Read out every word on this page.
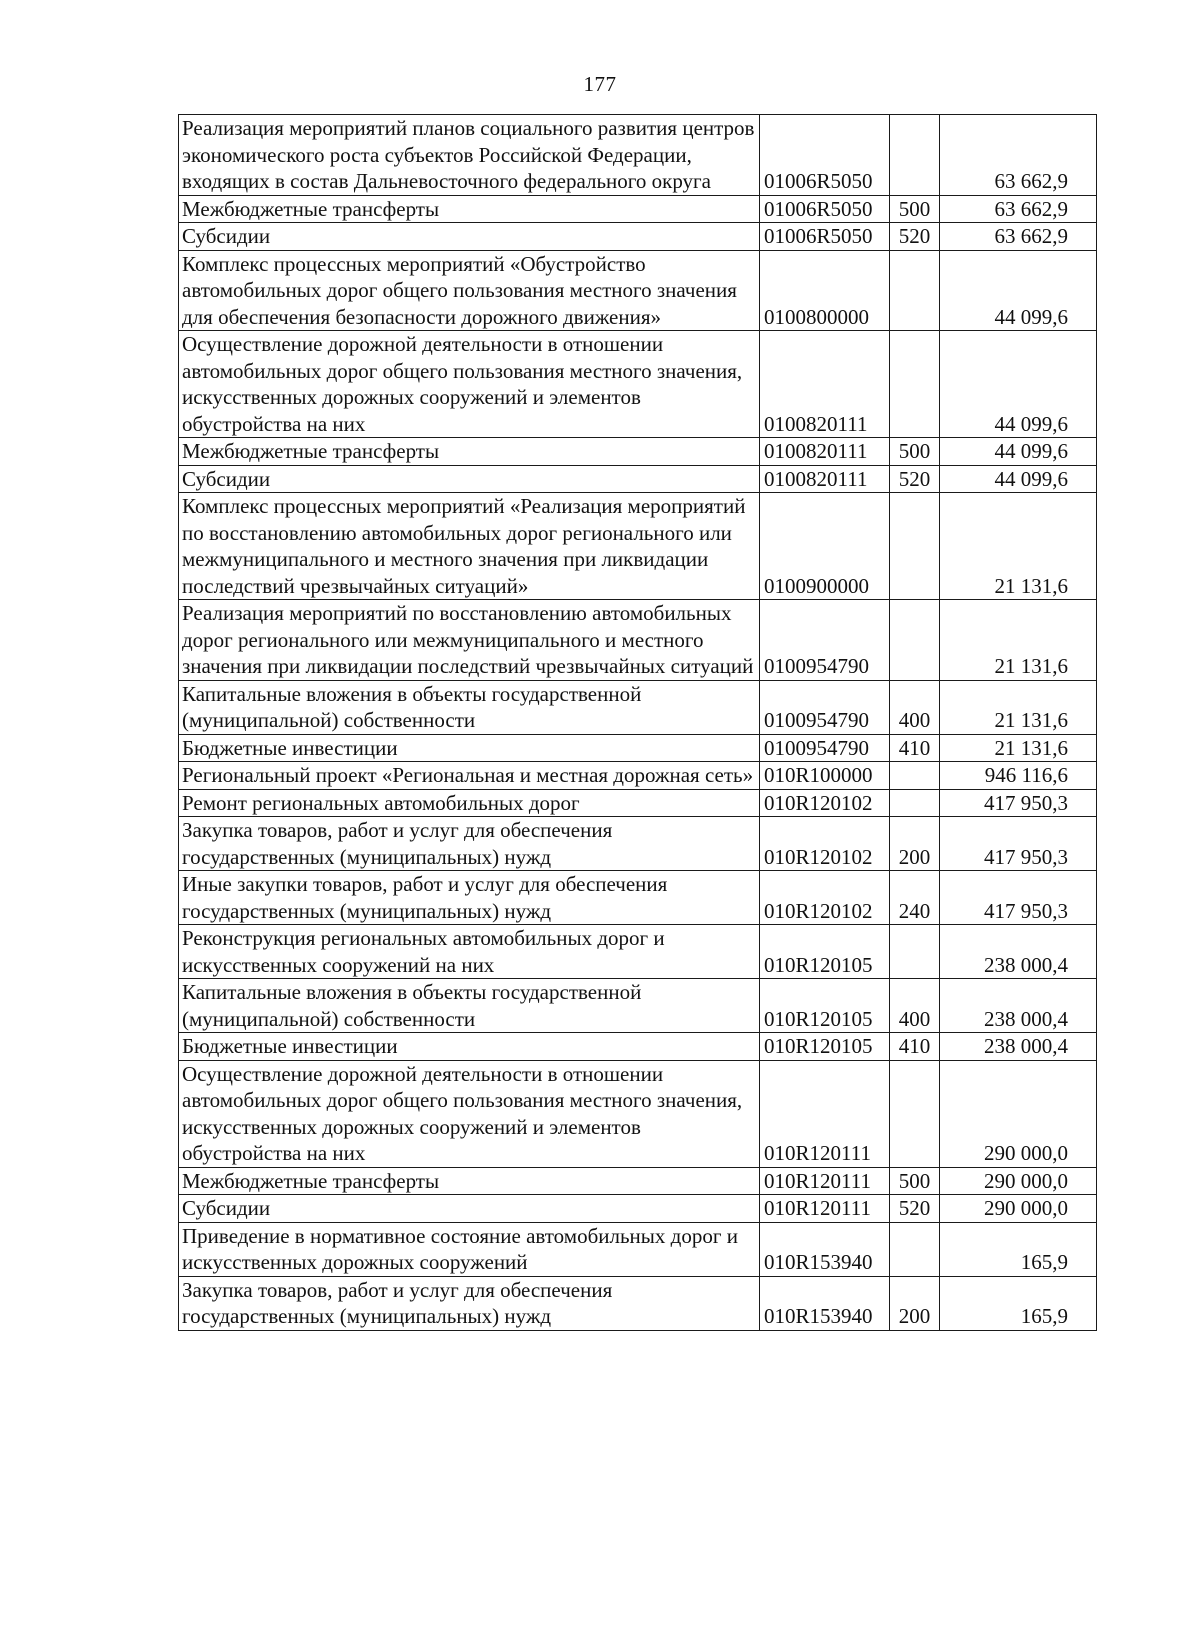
177
Реализация мероприятий планов социального развития центров экономического роста субъектов Российской Федерации, входящих в состав Дальневосточного федерального округа	01006R5050		63 662,9
Межбюджетные трансферты	01006R5050	500	63 662,9
Субсидии	01006R5050	520	63 662,9
Комплекс процессных мероприятий «Обустройство автомобильных дорог общего пользования местного значения для обеспечения безопасности дорожного движения»	0100800000		44 099,6
Осуществление дорожной деятельности в отношении автомобильных дорог общего пользования местного значения, искусственных дорожных сооружений и элементов обустройства на них	0100820111		44 099,6
Межбюджетные трансферты	0100820111	500	44 099,6
Субсидии	0100820111	520	44 099,6
Комплекс процессных мероприятий «Реализация мероприятий по восстановлению автомобильных дорог регионального или межмуниципального и местного значения при ликвидации последствий чрезвычайных ситуаций»	0100900000		21 131,6
Реализация мероприятий по восстановлению автомобильных дорог регионального или межмуниципального и местного значения при ликвидации последствий чрезвычайных ситуаций	0100954790		21 131,6
Капитальные вложения в объекты государственной (муниципальной) собственности	0100954790	400	21 131,6
Бюджетные инвестиции	0100954790	410	21 131,6
Региональный проект «Региональная и местная дорожная сеть»	010R100000		946 116,6
Ремонт региональных автомобильных дорог	010R120102		417 950,3
Закупка товаров, работ и услуг для обеспечения государственных (муниципальных) нужд	010R120102	200	417 950,3
Иные закупки товаров, работ и услуг для обеспечения государственных (муниципальных) нужд	010R120102	240	417 950,3
Реконструкция региональных автомобильных дорог и искусственных сооружений на них	010R120105		238 000,4
Капитальные вложения в объекты государственной (муниципальной) собственности	010R120105	400	238 000,4
Бюджетные инвестиции	010R120105	410	238 000,4
Осуществление дорожной деятельности в отношении автомобильных дорог общего пользования местного значения, искусственных дорожных сооружений и элементов обустройства на них	010R120111		290 000,0
Межбюджетные трансферты	010R120111	500	290 000,0
Субсидии	010R120111	520	290 000,0
Приведение в нормативное состояние автомобильных дорог и искусственных дорожных сооружений	010R153940		165,9
Закупка товаров, работ и услуг для обеспечения государственных (муниципальных) нужд	010R153940	200	165,9
